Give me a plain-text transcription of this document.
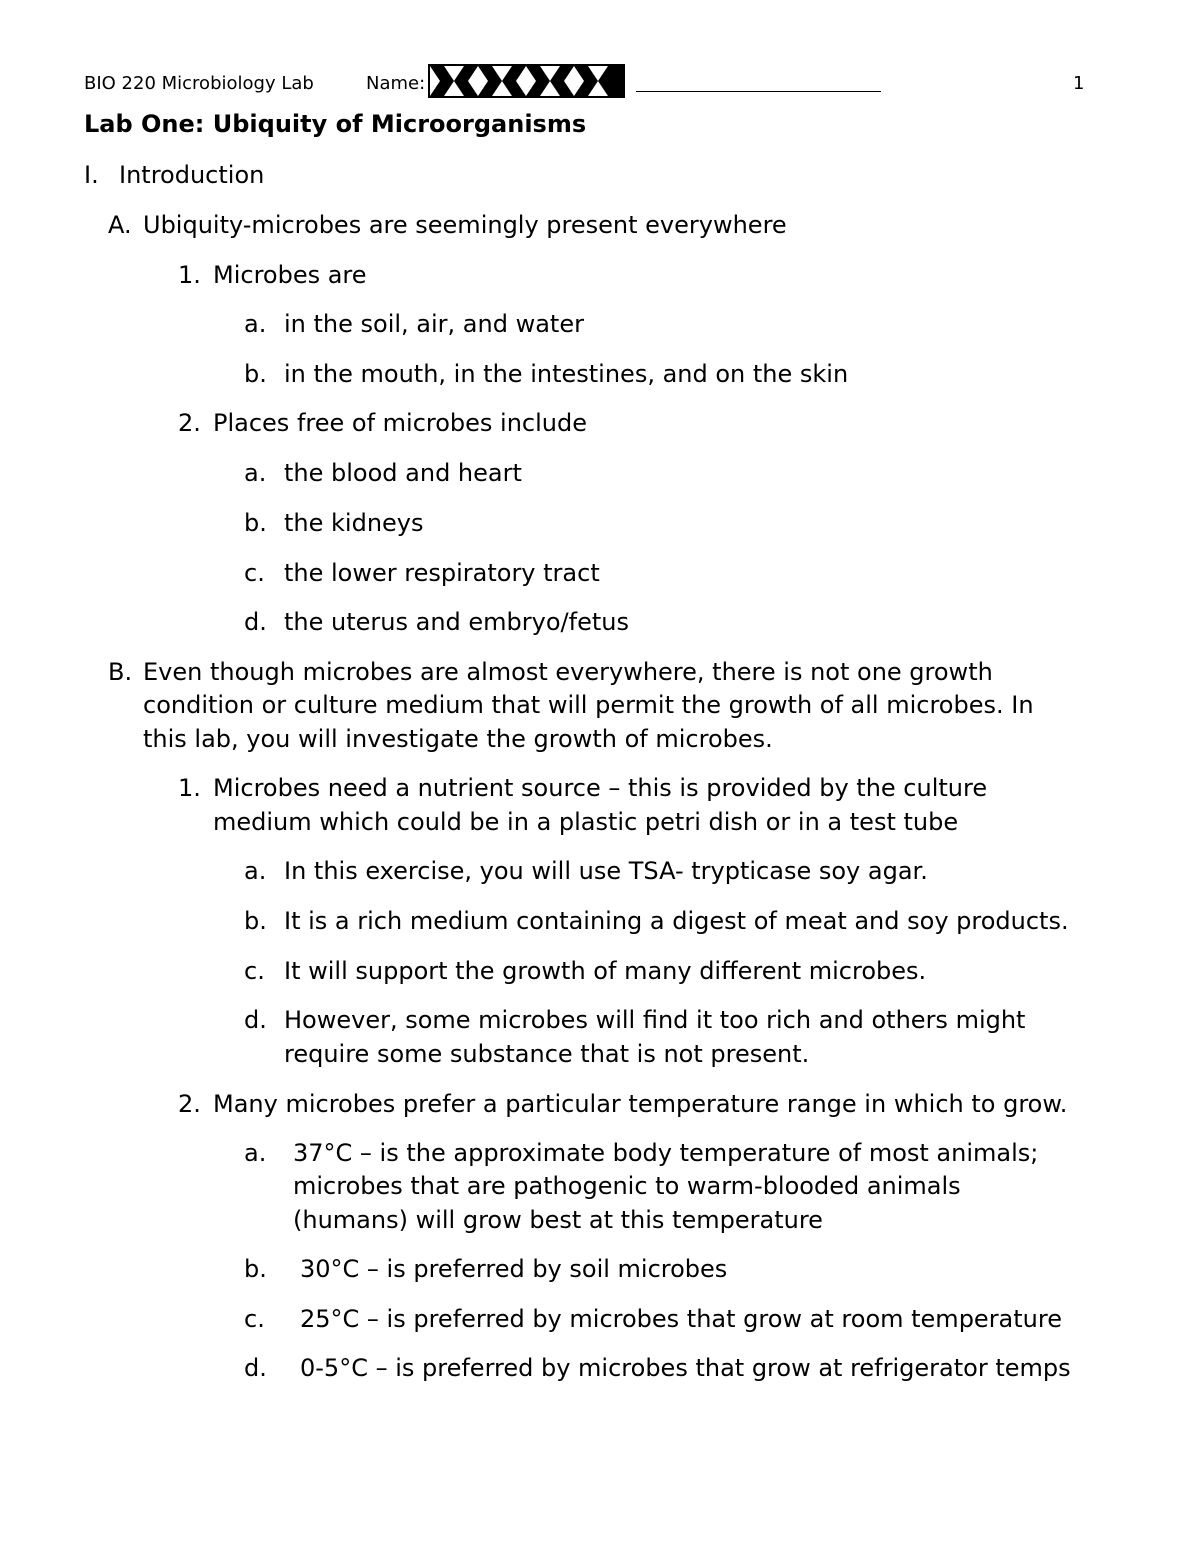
BIO 220 Microbiology Lab	Name:	1
Lab One: Ubiquity of Microorganisms
I. Introduction
A. Ubiquity-microbes are seemingly present everywhere
1. Microbes are
a. in the soil, air, and water
b. in the mouth, in the intestines, and on the skin
2. Places free of microbes include
a. the blood and heart
b. the kidneys
c. the lower respiratory tract
d. the uterus and embryo/fetus
B. Even though microbes are almost everywhere, there is not one growth
condition or culture medium that will permit the growth of all microbes. In
this lab, you will investigate the growth of microbes.
1. Microbes need a nutrient source – this is provided by the culture
medium which could be in a plastic petri dish or in a test tube
a. In this exercise, you will use TSA- trypticase soy agar.
b. It is a rich medium containing a digest of meat and soy products.
c. It will support the growth of many different microbes.
d. However, some microbes will find it too rich and others might
require some substance that is not present.
2. Many microbes prefer a particular temperature range in which to grow.
a. 37°C – is the approximate body temperature of most animals;
microbes that are pathogenic to warm-blooded animals
(humans) will grow best at this temperature
b. 30°C – is preferred by soil microbes
c. 25°C – is preferred by microbes that grow at room temperature
d. 0-5°C – is preferred by microbes that grow at refrigerator temps
